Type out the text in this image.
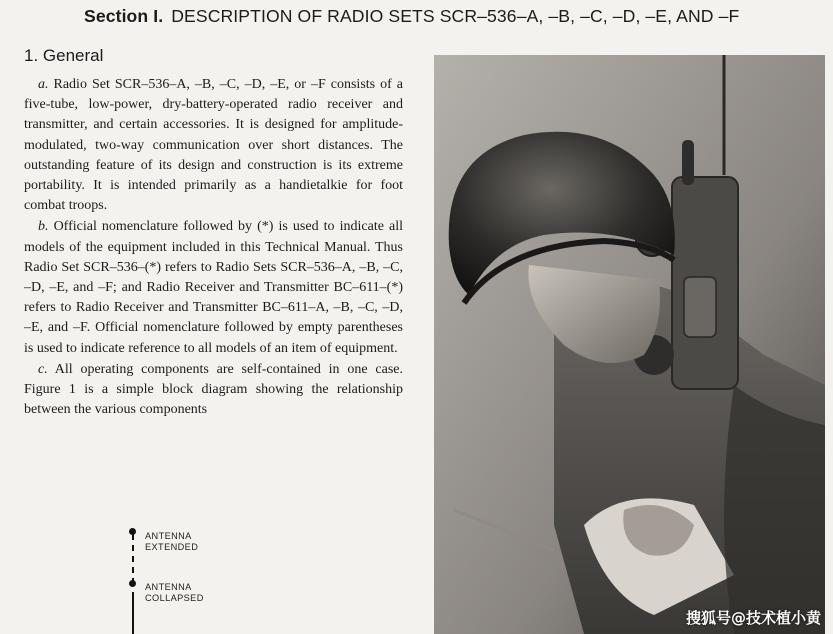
Section I. DESCRIPTION OF RADIO SETS SCR–536–A, –B, –C, –D, –E, AND –F
1. General

a. Radio Set SCR–536–A, –B, –C, –D, –E, or –F consists of a five-tube, low-power, dry-battery-operated radio receiver and transmitter, and certain accessories. It is designed for amplitude-modulated, two-way communication over short distances. The outstanding feature of its design and construction is its extreme portability. It is intended primarily as a handietalkie for foot combat troops.

b. Official nomenclature followed by (*) is used to indicate all models of the equipment included in this Technical Manual. Thus Radio Set SCR–536–(*) refers to Radio Sets SCR–536–A, –B, –C, –D, –E, and –F; and Radio Receiver and Transmitter BC–611–(*) refers to Radio Receiver and Transmitter BC–611–A, –B, –C, –D, –E, and –F. Official nomenclature followed by empty parentheses is used to indicate reference to all models of an item of equipment.

c. All operating components are self-contained in one case. Figure 1 is a simple block diagram showing the relationship between the various components

ANTENNA
EXTENDED
ANTENNA
COLLAPSED
搜狐号@技术植小黄
